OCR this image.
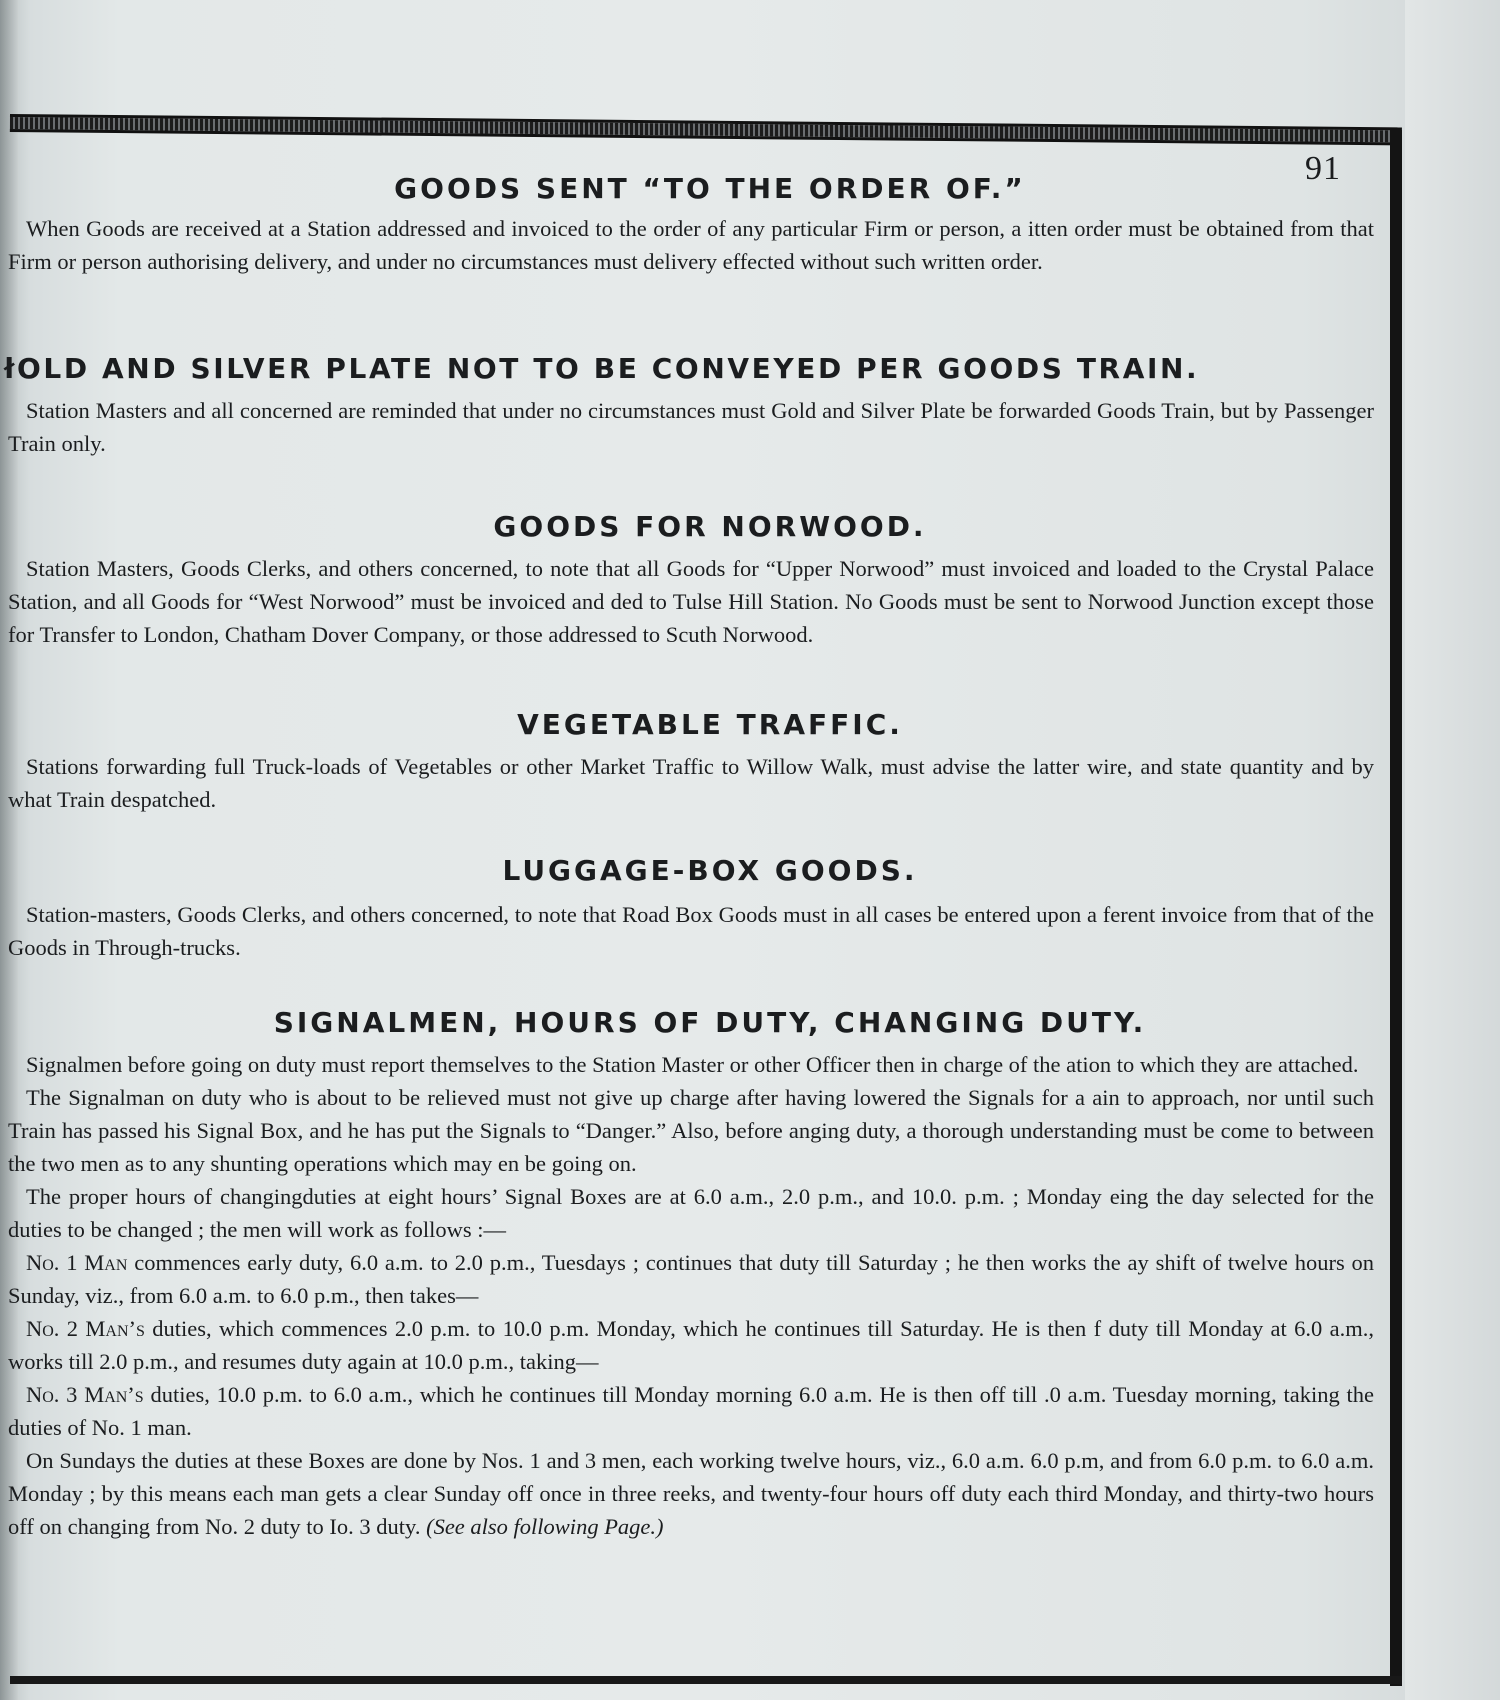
91
GOODS SENT “TO THE ORDER OF.”

When Goods are received at a Station addressed and invoiced to the order of any particular Firm or person, a itten order must be obtained from that Firm or person authorising delivery, and under no circumstances must delivery effected without such written order.

łOLD AND SILVER PLATE NOT TO BE CONVEYED PER GOODS TRAIN.

Station Masters and all concerned are reminded that under no circumstances must Gold and Silver Plate be forwarded Goods Train, but by Passenger Train only.

GOODS FOR NORWOOD.

Station Masters, Goods Clerks, and others concerned, to note that all Goods for “Upper Norwood” must invoiced and loaded to the Crystal Palace Station, and all Goods for “West Norwood” must be invoiced and ded to Tulse Hill Station. No Goods must be sent to Norwood Junction except those for Transfer to London, Chatham Dover Company, or those addressed to Scuth Norwood.

VEGETABLE TRAFFIC.

Stations forwarding full Truck-loads of Vegetables or other Market Traffic to Willow Walk, must advise the latter wire, and state quantity and by what Train despatched.

LUGGAGE-BOX GOODS.

Station-masters, Goods Clerks, and others concerned, to note that Road Box Goods must in all cases be entered upon a ferent invoice from that of the Goods in Through-trucks.

SIGNALMEN, HOURS OF DUTY, CHANGING DUTY.

Signalmen before going on duty must report themselves to the Station Master or other Officer then in charge of the ation to which they are attached.

The Signalman on duty who is about to be relieved must not give up charge after having lowered the Signals for a ain to approach, nor until such Train has passed his Signal Box, and he has put the Signals to “Danger.” Also, before anging duty, a thorough understanding must be come to between the two men as to any shunting operations which may en be going on.

The proper hours of changingduties at eight hours’ Signal Boxes are at 6.0 a.m., 2.0 p.m., and 10.0. p.m. ; Monday eing the day selected for the duties to be changed ; the men will work as follows :—

No. 1 Man commences early duty, 6.0 a.m. to 2.0 p.m., Tuesdays ; continues that duty till Saturday ; he then works the ay shift of twelve hours on Sunday, viz., from 6.0 a.m. to 6.0 p.m., then takes—

No. 2 Man’s duties, which commences 2.0 p.m. to 10.0 p.m. Monday, which he continues till Saturday. He is then f duty till Monday at 6.0 a.m., works till 2.0 p.m., and resumes duty again at 10.0 p.m., taking—

No. 3 Man’s duties, 10.0 p.m. to 6.0 a.m., which he continues till Monday morning 6.0 a.m. He is then off till .0 a.m. Tuesday morning, taking the duties of No. 1 man.

On Sundays the duties at these Boxes are done by Nos. 1 and 3 men, each working twelve hours, viz., 6.0 a.m. 6.0 p.m, and from 6.0 p.m. to 6.0 a.m. Monday ; by this means each man gets a clear Sunday off once in three reeks, and twenty-four hours off duty each third Monday, and thirty-two hours off on changing from No. 2 duty to Io. 3 duty. (See also following Page.)
